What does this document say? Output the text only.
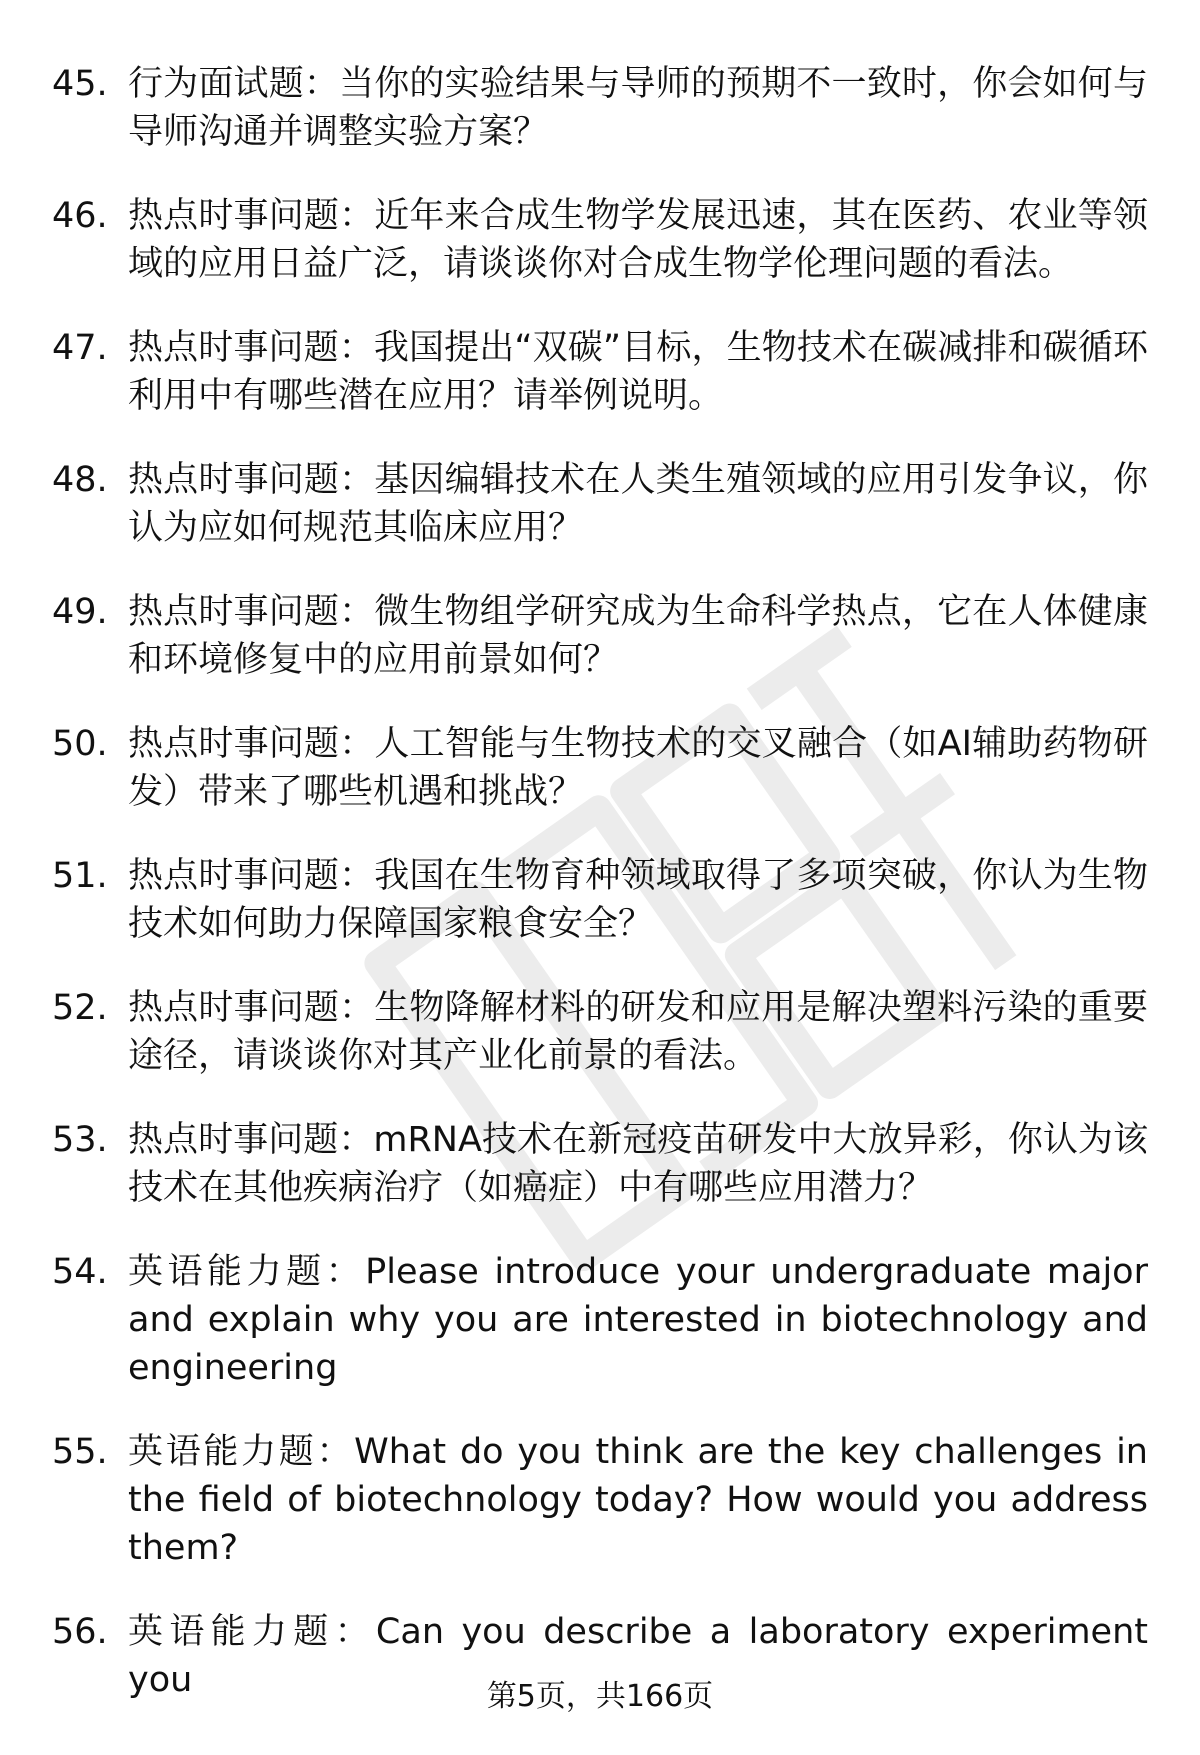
45. 行为面试题：当你的实验结果与导师的预期不一致时，你会如何与导师沟通并调整实验方案？
46. 热点时事问题：近年来合成生物学发展迅速，其在医药、农业等领域的应用日益广泛，请谈谈你对合成生物学伦理问题的看法。
47. 热点时事问题：我国提出“双碳”目标，生物技术在碳减排和碳循环利用中有哪些潜在应用？请举例说明。
48. 热点时事问题：基因编辑技术在人类生殖领域的应用引发争议，你认为应如何规范其临床应用？
49. 热点时事问题：微生物组学研究成为生命科学热点，它在人体健康和环境修复中的应用前景如何？
50. 热点时事问题：人工智能与生物技术的交叉融合（如AI辅助药物研发）带来了哪些机遇和挑战？
51. 热点时事问题：我国在生物育种领域取得了多项突破，你认为生物技术如何助力保障国家粮食安全？
52. 热点时事问题：生物降解材料的研发和应用是解决塑料污染的重要途径，请谈谈你对其产业化前景的看法。
53. 热点时事问题：mRNA技术在新冠疫苗研发中大放异彩，你认为该技术在其他疾病治疗（如癌症）中有哪些应用潜力？
54. 英语能力题：Please introduce your undergraduate major and explain why you are interested in biotechnology and engineering
55. 英语能力题：What do you think are the key challenges in the field of biotechnology today? How would you address them?
56. 英语能力题：Can you describe a laboratory experiment you	第5页，共166页
